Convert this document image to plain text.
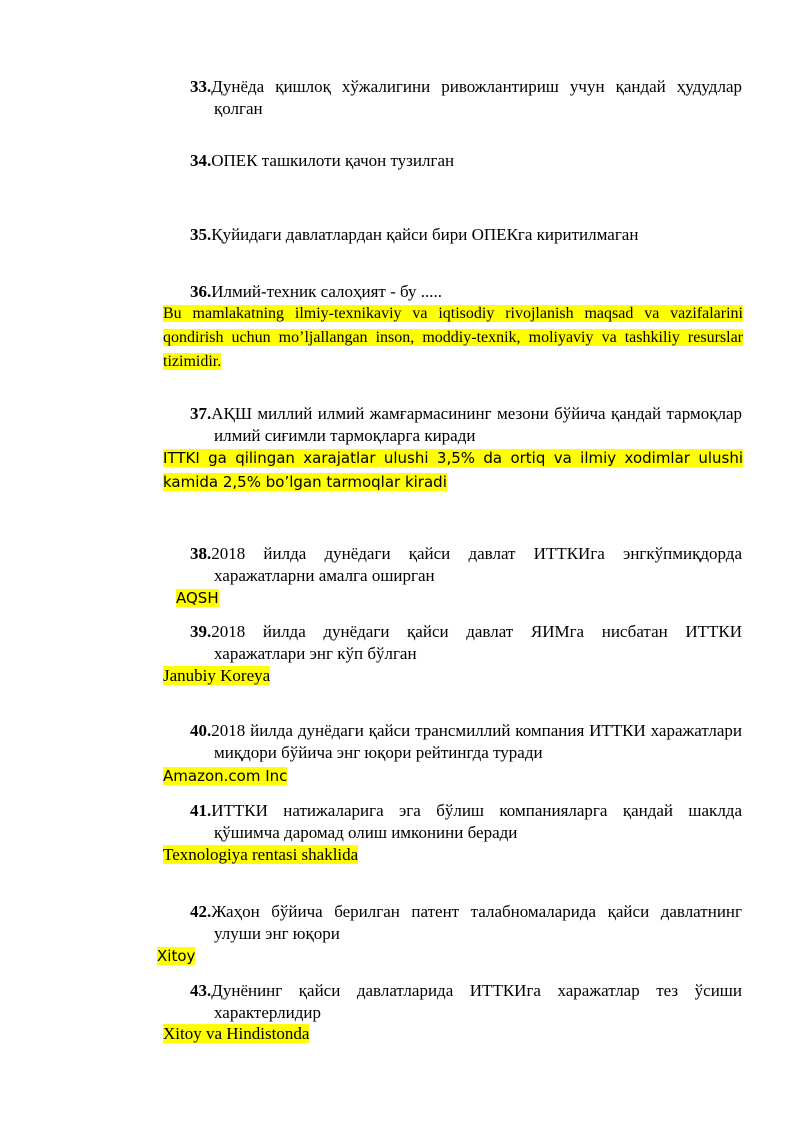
33.Дунёда қишлоқ хўжалигини ривожлантириш учун қандай ҳудудлар қолган
34.ОПЕК ташкилоти қачон тузилган
35.Қуйидаги давлатлардан қайси бири ОПЕКга киритилмаган
36.Илмий-техник салоҳият - бу .....
Bu mamlakatning ilmiy-texnikaviy va iqtisodiy rivojlanish maqsad va vazifalarini qondirish uchun mo’ljallangan inson, moddiy-texnik, moliyaviy va tashkiliy resurslar tizimidir.
37.АҚШ миллий илмий жамғармасининг мезони бўйича қандай тармоқлар илмий сиғимли тармоқларга киради
ITTKI ga qilingan xarajatlar ulushi 3,5% da ortiq va ilmiy xodimlar ulushi kamida 2,5% bo’lgan tarmoqlar kiradi
38.2018 йилда дунёдаги қайси давлат ИТТКИга энгкўпмиқдорда харажатларни амалга оширган
AQSH
39.2018 йилда дунёдаги қайси давлат ЯИМга нисбатан ИТТКИ харажатлари энг кўп бўлган
Janubiy Koreya
40.2018 йилда дунёдаги қайси трансмиллий компания ИТТКИ харажатлари миқдори бўйича энг юқори рейтингда туради
Amazon.com Inc
41.ИТТКИ натижаларига эга бўлиш компанияларга қандай шаклда қўшимча даромад олиш имконини беради
Texnologiya rentasi shaklida
42.Жаҳон бўйича берилган патент талабномаларида қайси давлатнинг улуши энг юқори
Xitoy
43.Дунёнинг қайси давлатларида ИТТКИга харажатлар тез ўсиши характерлидир
Xitoy va Hindistonda
